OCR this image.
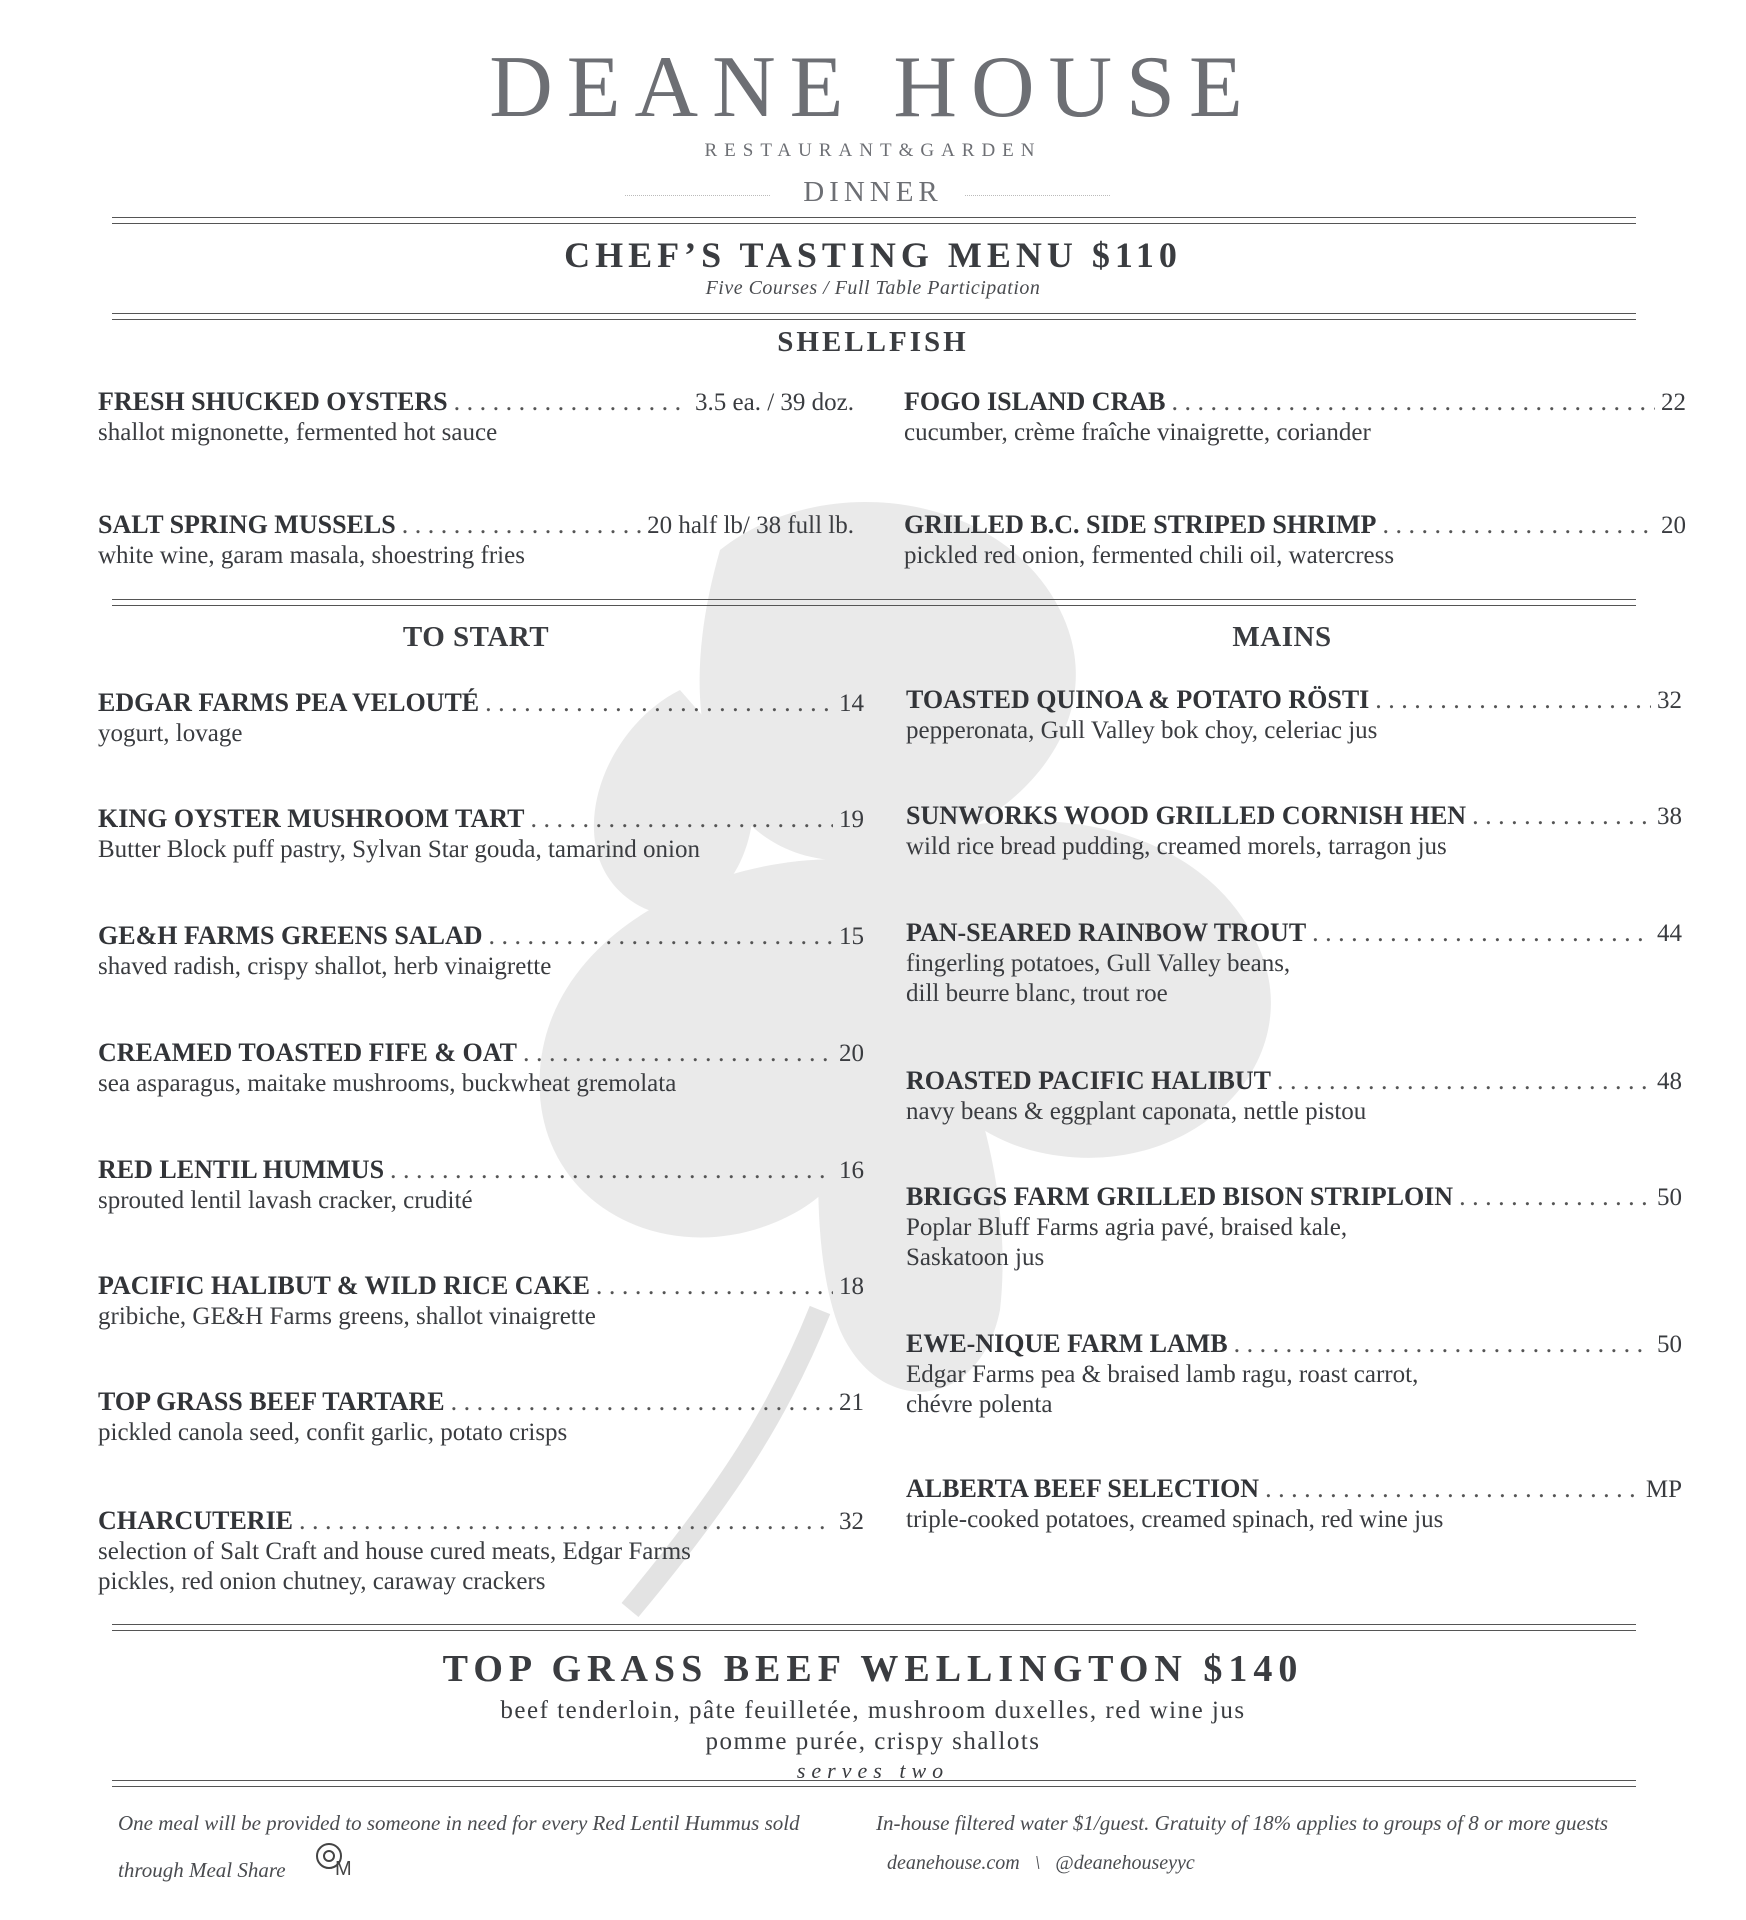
DEANE HOUSE
RESTAURANT&GARDEN
DINNER
CHEF’S TASTING MENU $110
Five Courses / Full Table Participation
SHELLFISH
FRESH SHUCKED OYSTERS . . .	3.5 ea. / 39 doz.
shallot mignonette, fermented hot sauce
FOGO ISLAND CRAB . . .	22
cucumber, crème fraîche vinaigrette, coriander
SALT SPRING MUSSELS . . .	20 half lb/ 38 full lb.
white wine, garam masala, shoestring fries
GRILLED B.C. SIDE STRIPED SHRIMP . . .	20
pickled red onion, fermented chili oil, watercress
TO START	MAINS
EDGAR FARMS PEA VELOUTÉ . . .	14
yogurt, lovage
KING OYSTER MUSHROOM TART . . .	19
Butter Block puff pastry, Sylvan Star gouda, tamarind onion
GE&H FARMS GREENS SALAD . . .	15
shaved radish, crispy shallot, herb vinaigrette
CREAMED TOASTED FIFE & OAT . . .	20
sea asparagus, maitake mushrooms, buckwheat gremolata
RED LENTIL HUMMUS . . .	16
sprouted lentil lavash cracker, crudité
PACIFIC HALIBUT & WILD RICE CAKE . . .	18
gribiche, GE&H Farms greens, shallot vinaigrette
TOP GRASS BEEF TARTARE . . .	21
pickled canola seed, confit garlic, potato crisps
CHARCUTERIE . . .	32
selection of Salt Craft and house cured meats, Edgar Farms
pickles, red onion chutney, caraway crackers
TOASTED QUINOA & POTATO RÖSTI . . .	32
pepperonata, Gull Valley bok choy, celeriac jus
SUNWORKS WOOD GRILLED CORNISH HEN . . .	38
wild rice bread pudding, creamed morels, tarragon jus
PAN-SEARED RAINBOW TROUT . . .	44
fingerling potatoes, Gull Valley beans,
dill beurre blanc, trout roe
ROASTED PACIFIC HALIBUT . . .	48
navy beans & eggplant caponata, nettle pistou
BRIGGS FARM GRILLED BISON STRIPLOIN . . .	50
Poplar Bluff Farms agria pavé, braised kale,
Saskatoon jus
EWE-NIQUE FARM LAMB . . .	50
Edgar Farms pea & braised lamb ragu, roast carrot,
chévre polenta
ALBERTA BEEF SELECTION . . .	MP
triple-cooked potatoes, creamed spinach, red wine jus
TOP GRASS BEEF WELLINGTON $140
beef tenderloin, pâte feuilletée, mushroom duxelles, red wine jus
pomme purée, crispy shallots
serves two
One meal will be provided to someone in need for every Red Lentil Hummus sold
through Meal Share M
In-house filtered water $1/guest. Gratuity of 18% applies to groups of 8 or more guests
deanehouse.com \ @deanehouseyyc
